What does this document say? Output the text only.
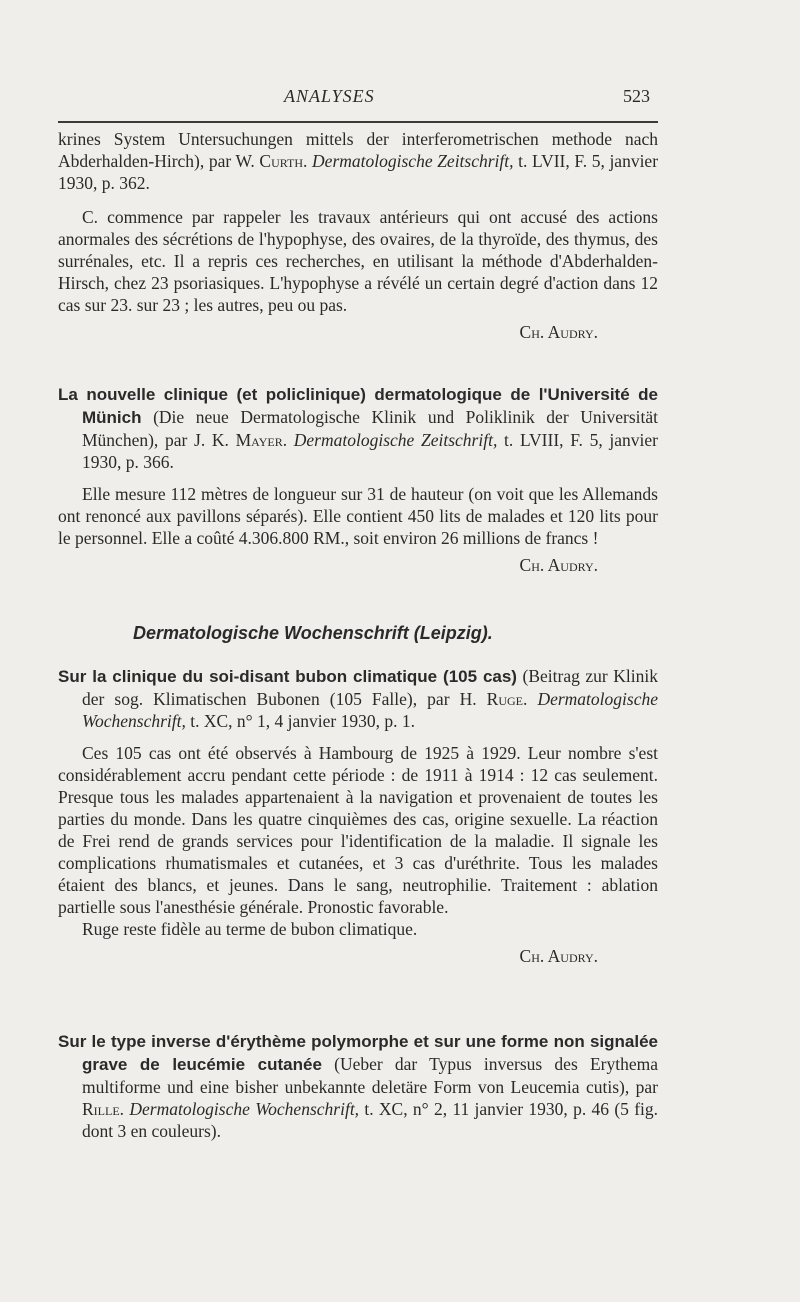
ANALYSES	523

krines System Untersuchungen mittels der interferometrischen methode nach Abderhalden-Hirch), par W. Curth. Dermatologische Zeitschrift, t. LVII, F. 5, janvier 1930, p. 362.

C. commence par rappeler les travaux antérieurs qui ont accusé des actions anormales des sécrétions de l'hypophyse, des ovaires, de la thyroïde, des thymus, des surrénales, etc. Il a repris ces recherches, en utilisant la méthode d'Abderhalden-Hirsch, chez 23 psoriasiques. L'hypophyse a révélé un certain degré d'action dans 12 cas sur 23. sur 23 ; les autres, peu ou pas.

Ch. Audry.

La nouvelle clinique (et policlinique) dermatologique de l'Université de Münich (Die neue Dermatologische Klinik und Poliklinik der Universität München), par J. K. Mayer. Dermatologische Zeitschrift, t. LVIII, F. 5, janvier 1930, p. 366.

Elle mesure 112 mètres de longueur sur 31 de hauteur (on voit que les Allemands ont renoncé aux pavillons séparés). Elle contient 450 lits de malades et 120 lits pour le personnel. Elle a coûté 4.306.800 RM., soit environ 26 millions de francs !

Ch. Audry.

Dermatologische Wochenschrift (Leipzig).

Sur la clinique du soi-disant bubon climatique (105 cas) (Beitrag zur Klinik der sog. Klimatischen Bubonen (105 Falle), par H. Ruge. Dermatologische Wochenschrift, t. XC, n° 1, 4 janvier 1930, p. 1.

Ces 105 cas ont été observés à Hambourg de 1925 à 1929. Leur nombre s'est considérablement accru pendant cette période : de 1911 à 1914 : 12 cas seulement. Presque tous les malades appartenaient à la navigation et provenaient de toutes les parties du monde. Dans les quatre cinquièmes des cas, origine sexuelle. La réaction de Frei rend de grands services pour l'identification de la maladie. Il signale les complications rhumatismales et cutanées, et 3 cas d'uréthrite. Tous les malades étaient des blancs, et jeunes. Dans le sang, neutrophilie. Traitement : ablation partielle sous l'anesthésie générale. Pronostic favorable.

Ruge reste fidèle au terme de bubon climatique.

Ch. Audry.

Sur le type inverse d'érythème polymorphe et sur une forme non signalée grave de leucémie cutanée (Ueber dar Typus inversus des Erythema multiforme und eine bisher unbekannte deletäre Form von Leucemia cutis), par Rille. Dermatologische Wochenschrift, t. XC, n° 2, 11 janvier 1930, p. 46 (5 fig. dont 3 en couleurs).
